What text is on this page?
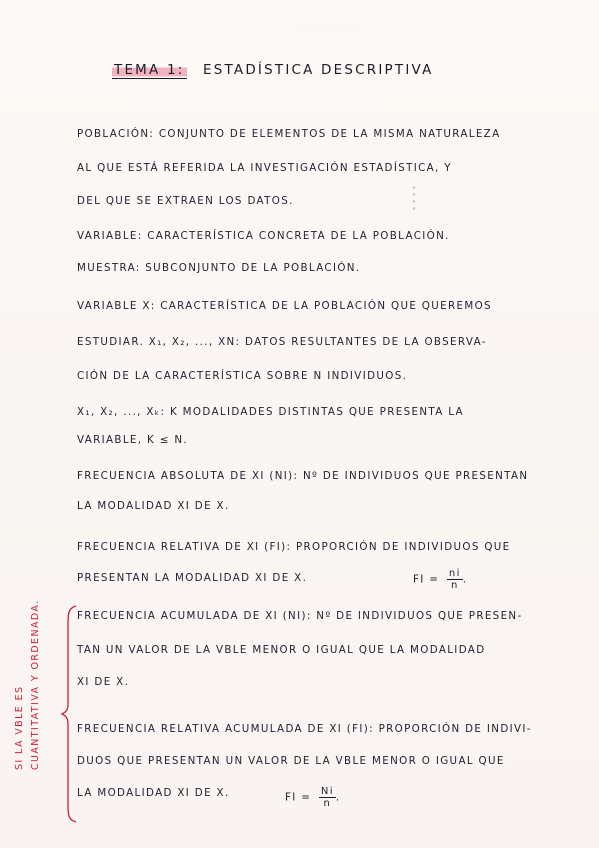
· · · · · · ·
TEMA 1: ESTADÍSTICA DESCRIPTIVA
POBLACIÓN: CONJUNTO DE ELEMENTOS DE LA MISMA NATURALEZA
AL QUE ESTÁ REFERIDA LA INVESTIGACIÓN ESTADÍSTICA, Y
DEL QUE SE EXTRAEN LOS DATOS.
VARIABLE: CARACTERÍSTICA CONCRETA DE LA POBLACIÓN.
MUESTRA: SUBCONJUNTO DE LA POBLACIÓN.
VARIABLE X: CARACTERÍSTICA DE LA POBLACIÓN QUE QUEREMOS
ESTUDIAR. X₁, X₂, ..., XN: DATOS RESULTANTES DE LA OBSERVA-
CIÓN DE LA CARACTERÍSTICA SOBRE N INDIVIDUOS.
X₁, X₂, ..., Xₖ: K MODALIDADES DISTINTAS QUE PRESENTA LA
VARIABLE, K ≤ N.
FRECUENCIA ABSOLUTA DE XI (NI): Nº DE INDIVIDUOS QUE PRESENTAN
LA MODALIDAD XI DE X.
FRECUENCIA RELATIVA DE XI (FI): PROPORCIÓN DE INDIVIDUOS QUE
PRESENTAN LA MODALIDAD XI DE X.	FI = $\frac{ni}{n}$ .
SI LA VBLE ES CUANTITATIVA Y ORDENADA.	FRECUENCIA ACUMULADA DE XI (NI): Nº DE INDIVIDUOS QUE PRESEN-
TAN UN VALOR DE LA VBLE MENOR O IGUAL QUE LA MODALIDAD
XI DE X.
FRECUENCIA RELATIVA ACUMULADA DE XI (FI): PROPORCIÓN DE INDIVI-
DUOS QUE PRESENTAN UN VALOR DE LA VBLE MENOR O IGUAL QUE
LA MODALIDAD XI DE X.	FI = $\frac{Ni}{n}$ .
